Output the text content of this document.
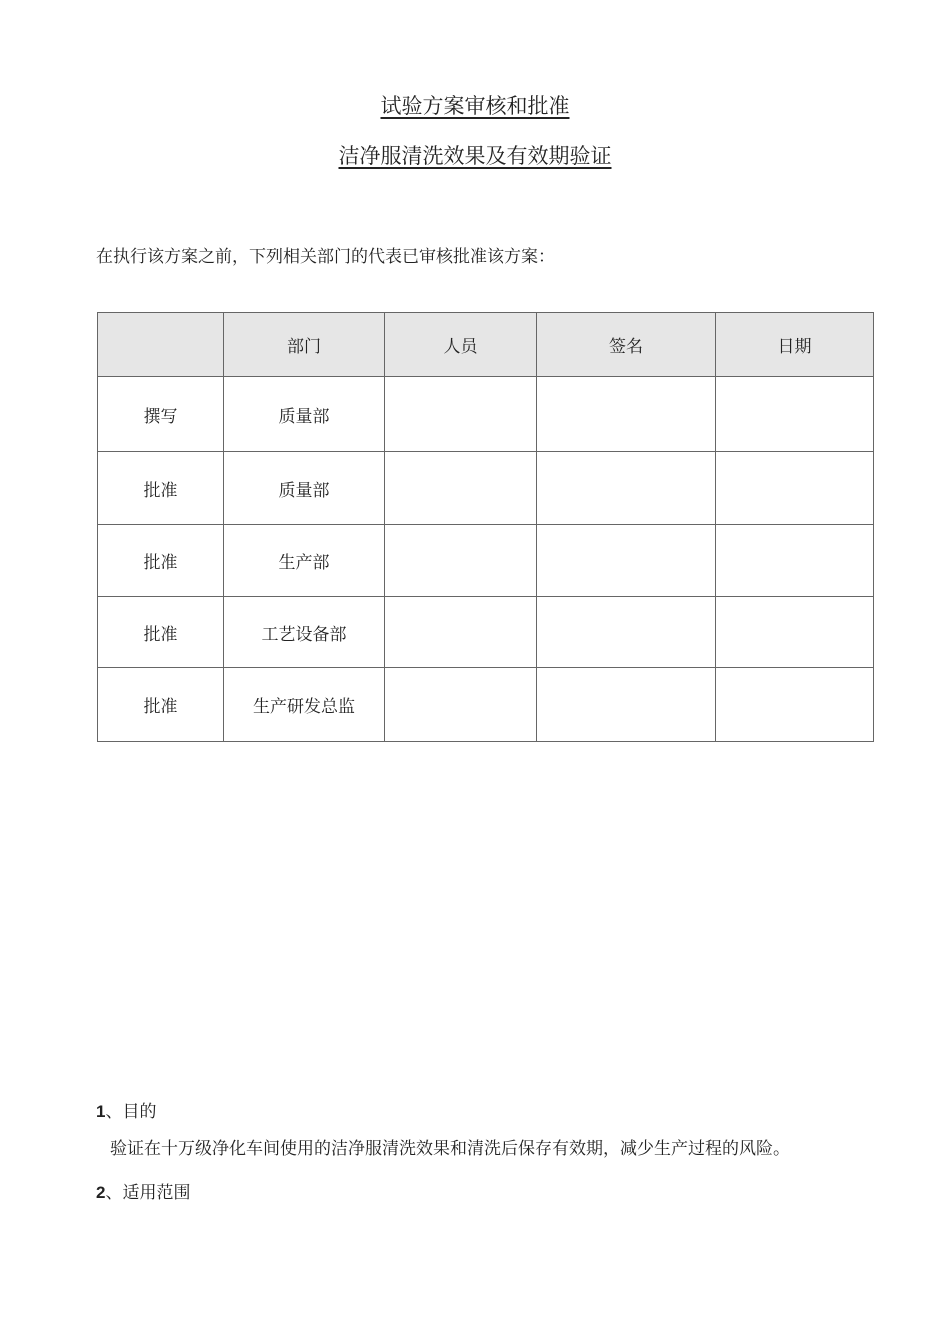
试验方案审核和批准
洁净服清洗效果及有效期验证
在执行该方案之前，下列相关部门的代表已审核批准该方案：
	部门	人员	签名	日期
撰写	质量部			
批准	质量部			
批准	生产部			
批准	工艺设备部			
批准	生产研发总监			
1、目的
验证在十万级净化车间使用的洁净服清洗效果和清洗后保存有效期，减少生产过程的风险。
2、适用范围
